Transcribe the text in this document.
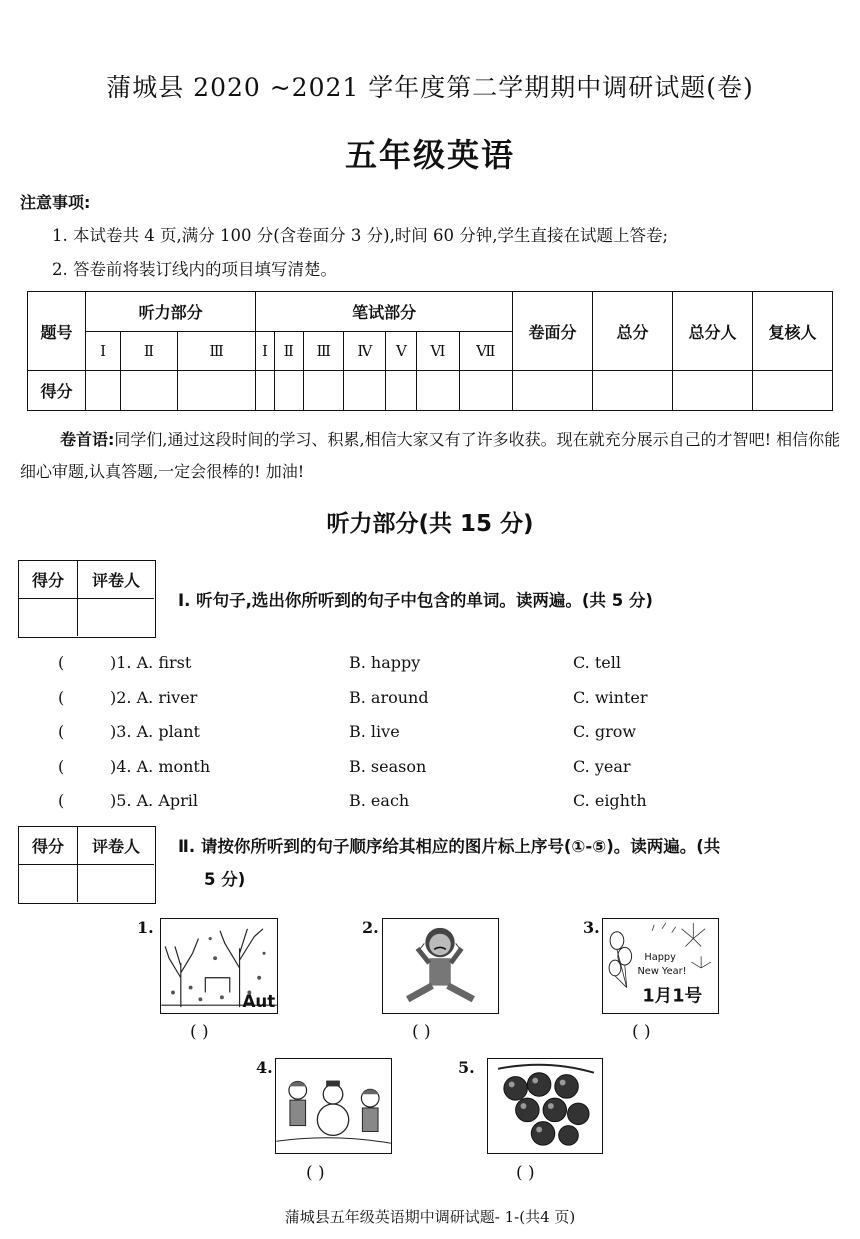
蒲城县 2020 ~2021 学年度第二学期期中调研试题(卷)
五年级英语
注意事项:
1. 本试卷共 4 页,满分 100 分(含卷面分 3 分),时间 60 分钟,学生直接在试题上答卷;
2. 答卷前将装订线内的项目填写清楚。
题号	听力部分			笔试部分							卷面分	总分	总分人	复核人
	I	Ⅱ	Ⅲ	I	Ⅱ	Ⅲ	Ⅳ	V	Ⅵ	Ⅶ				
得分														
卷首语:同学们,通过这段时间的学习、积累,相信大家又有了许多收获。现在就充分展示自己的才智吧! 相信你能细心审题,认真答题,一定会很棒的! 加油!
听力部分(共 15 分)
得分	评卷人
I. 听句子,选出你所听到的句子中包含的单词。读两遍。(共 5 分)
(	)1. A. first	B. happy	C. tell
(	)2. A. river	B. around	C. winter
(	)3. A. plant	B. live	C. grow
(	)4. A. month	B. season	C. year
(	)5. A. April	B. each	C. eighth
得分	评卷人	Ⅱ. 请按你所听到的句子顺序给其相应的图片标上序号(①-⑤)。读两遍。(共
5 分)
1.
Aut
( )
2.
( )
3.
Happy
New Year!
1月1号
( )
4.
( )
5.
( )
蒲城县五年级英语期中调研试题- 1-(共4 页)
